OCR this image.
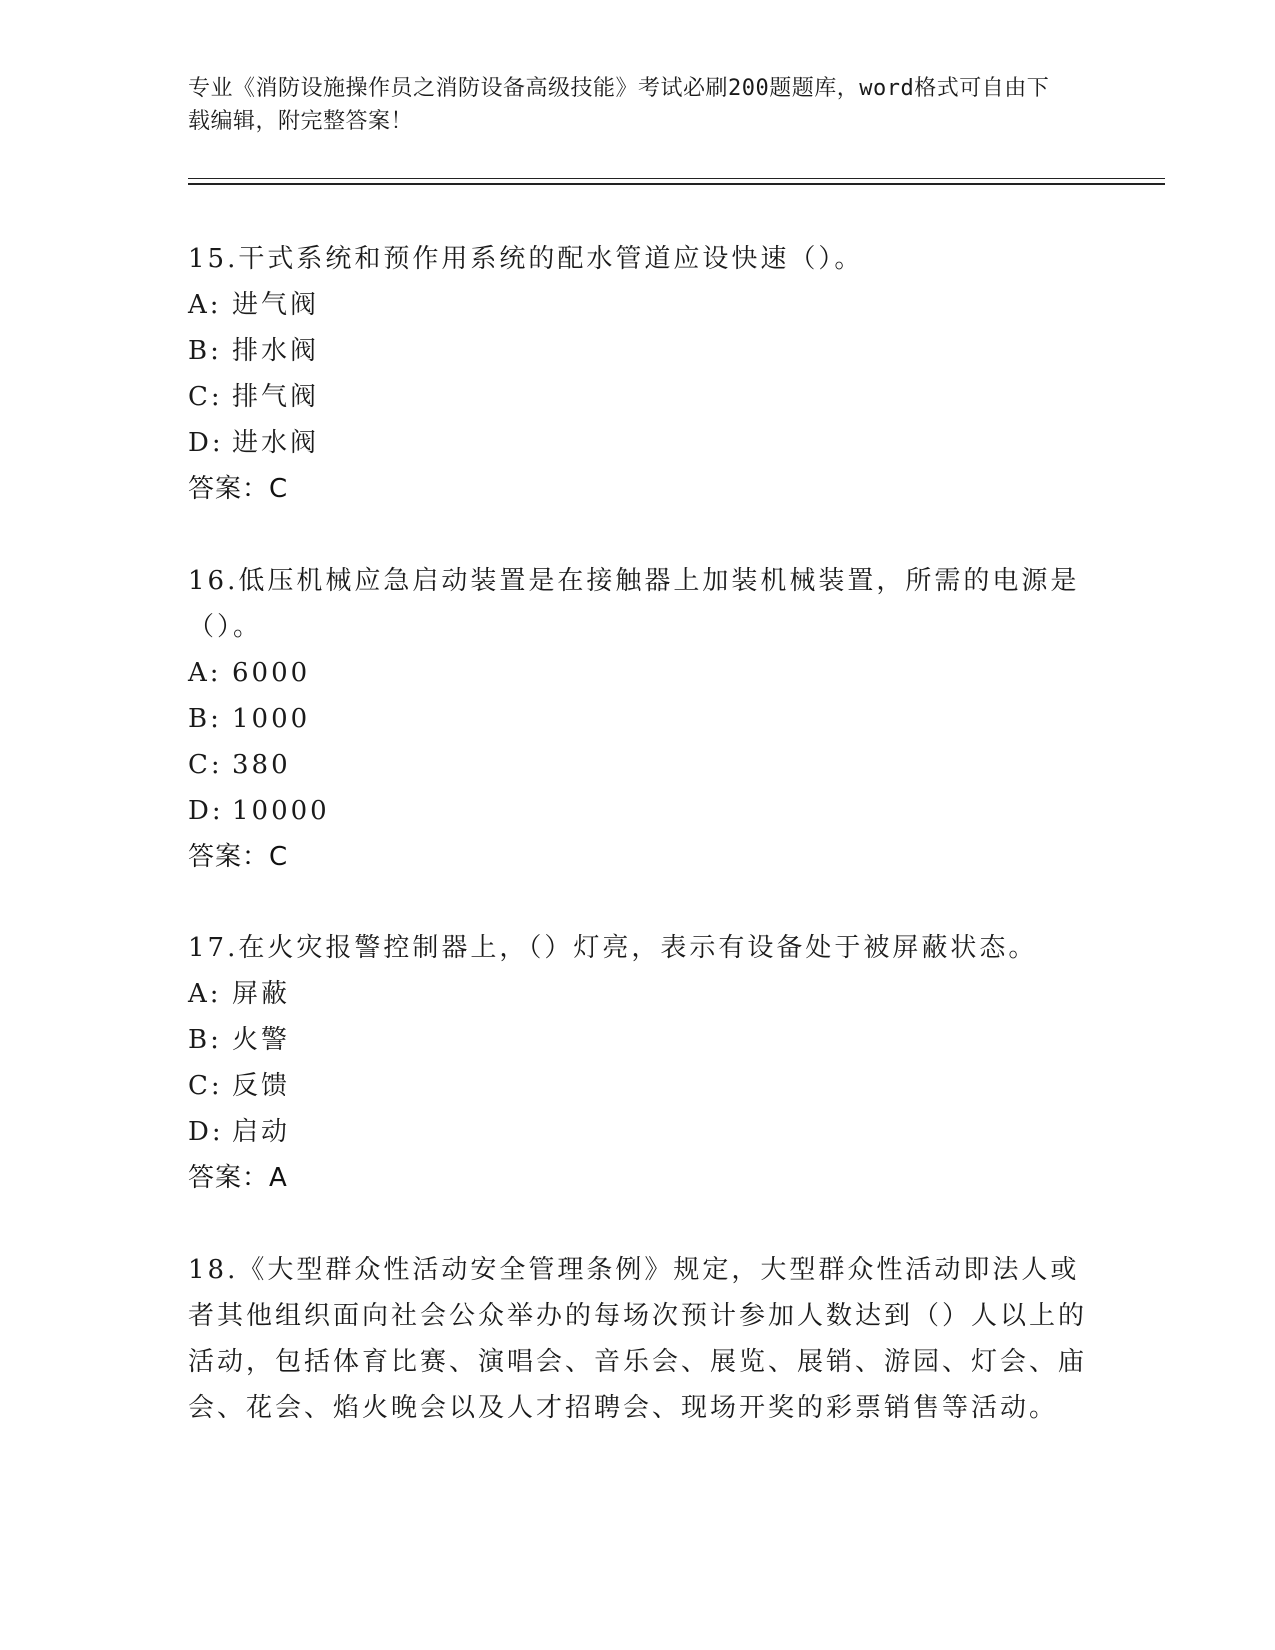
专业《消防设施操作员之消防设备高级技能》考试必刷200题题库，word格式可自由下载编辑，附完整答案！

15.干式系统和预作用系统的配水管道应设快速（）。

A: 进气阀

B: 排水阀

C: 排气阀

D: 进水阀

答案：C

16.低压机械应急启动装置是在接触器上加装机械装置，所需的电源是（）。

A: 6000

B: 1000

C: 380

D: 10000

答案：C

17.在火灾报警控制器上，（）灯亮，表示有设备处于被屏蔽状态。

A: 屏蔽

B: 火警

C: 反馈

D: 启动

答案：A

18.《大型群众性活动安全管理条例》规定，大型群众性活动即法人或者其他组织面向社会公众举办的每场次预计参加人数达到（）人以上的活动，包括体育比赛、演唱会、音乐会、展览、展销、游园、灯会、庙会、花会、焰火晚会以及人才招聘会、现场开奖的彩票销售等活动。
